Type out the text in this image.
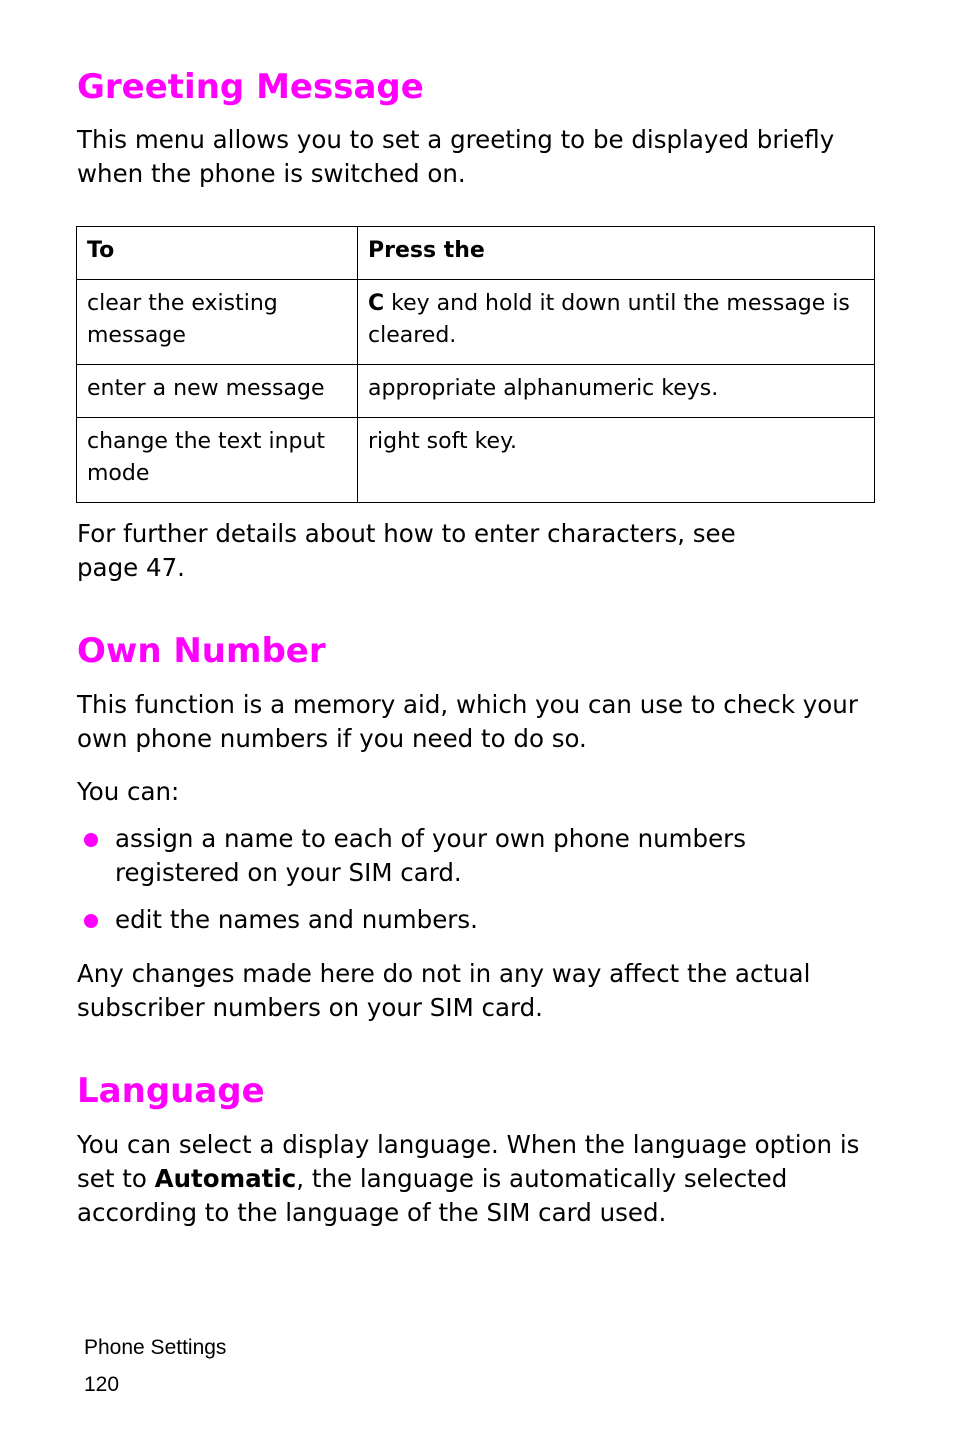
Greeting Message

This menu allows you to set a greeting to be displayed briefly when the phone is switched on.

To	Press the
clear the existing message	C key and hold it down until the message is cleared.
enter a new message	appropriate alphanumeric keys.
change the text input mode	right soft key.

For further details about how to enter characters, see page 47.

Own Number

This function is a memory aid, which you can use to check your own phone numbers if you need to do so.

You can:

assign a name to each of your own phone numbers registered on your SIM card.
edit the names and numbers.

Any changes made here do not in any way affect the actual subscriber numbers on your SIM card.

Language

You can select a display language. When the language option is set to Automatic, the language is automatically selected according to the language of the SIM card used.

Phone Settings
120
